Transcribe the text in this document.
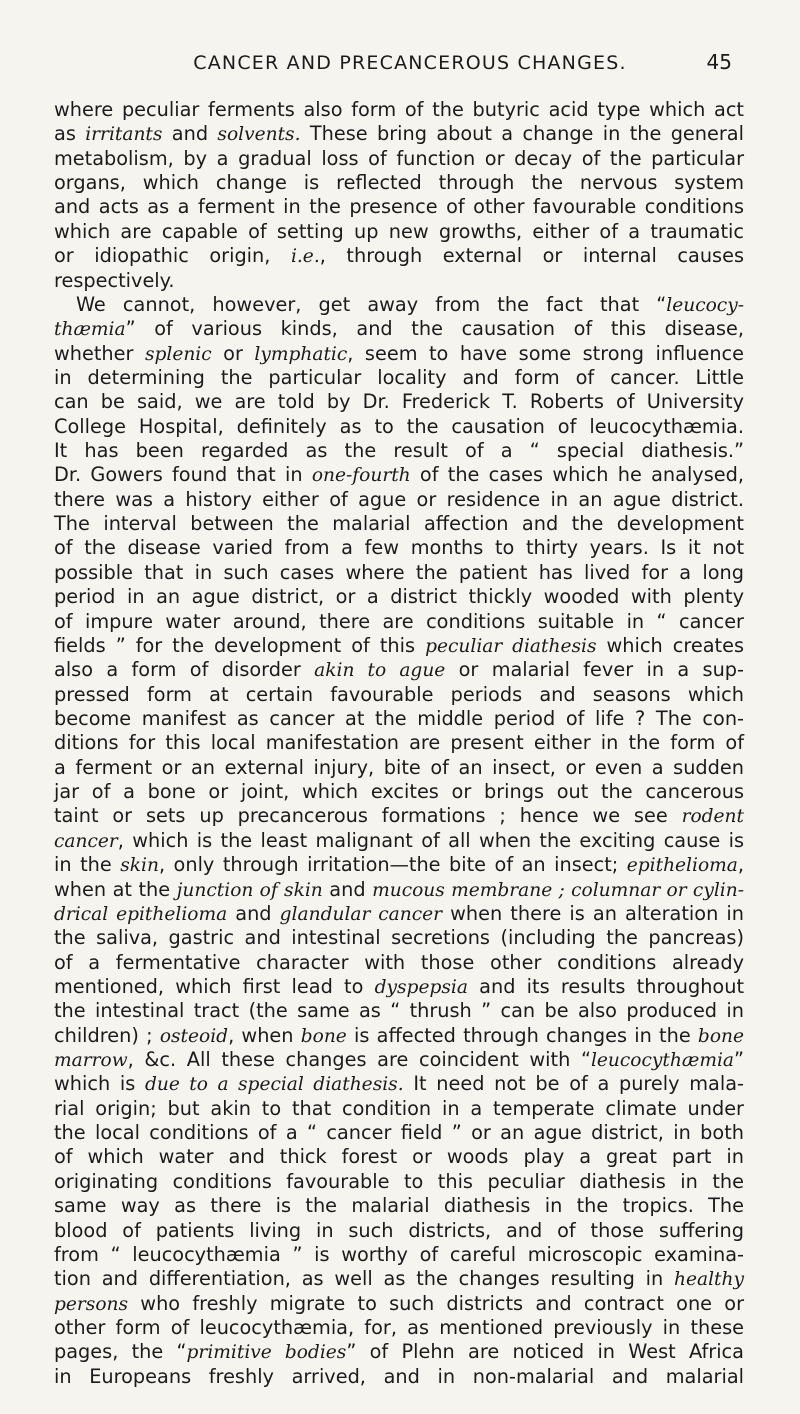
CANCER AND PRECANCEROUS CHANGES.	45
where peculiar ferments also form of the butyric acid type which act
as irritants and solvents. These bring about a change in the general
metabolism, by a gradual loss of function or decay of the particular
organs, which change is reflected through the nervous system
and acts as a ferment in the presence of other favourable conditions
which are capable of setting up new growths, either of a traumatic
or idiopathic origin, i.e., through external or internal causes
respectively.
We cannot, however, get away from the fact that “leucocy-
thæmia” of various kinds, and the causation of this disease,
whether splenic or lymphatic, seem to have some strong influence
in determining the particular locality and form of cancer. Little
can be said, we are told by Dr. Frederick T. Roberts of University
College Hospital, definitely as to the causation of leucocythæmia.
It has been regarded as the result of a “ special diathesis.”
Dr. Gowers found that in one-fourth of the cases which he analysed,
there was a history either of ague or residence in an ague district.
The interval between the malarial affection and the development
of the disease varied from a few months to thirty years. Is it not
possible that in such cases where the patient has lived for a long
period in an ague district, or a district thickly wooded with plenty
of impure water around, there are conditions suitable in “ cancer
fields ” for the development of this peculiar diathesis which creates
also a form of disorder akin to ague or malarial fever in a sup-
pressed form at certain favourable periods and seasons which
become manifest as cancer at the middle period of life ? The con-
ditions for this local manifestation are present either in the form of
a ferment or an external injury, bite of an insect, or even a sudden
jar of a bone or joint, which excites or brings out the cancerous
taint or sets up precancerous formations ; hence we see rodent
cancer, which is the least malignant of all when the exciting cause is
in the skin, only through irritation—the bite of an insect; epithelioma,
when at the junction of skin and mucous membrane ; columnar or cylin-
drical epithelioma and glandular cancer when there is an alteration in
the saliva, gastric and intestinal secretions (including the pancreas)
of a fermentative character with those other conditions already
mentioned, which first lead to dyspepsia and its results throughout
the intestinal tract (the same as “ thrush ” can be also produced in
children) ; osteoid, when bone is affected through changes in the bone
marrow, &c. All these changes are coincident with “leucocythæmia”
which is due to a special diathesis. It need not be of a purely mala-
rial origin; but akin to that condition in a temperate climate under
the local conditions of a “ cancer field ” or an ague district, in both
of which water and thick forest or woods play a great part in
originating conditions favourable to this peculiar diathesis in the
same way as there is the malarial diathesis in the tropics. The
blood of patients living in such districts, and of those suffering
from “ leucocythæmia ” is worthy of careful microscopic examina-
tion and differentiation, as well as the changes resulting in healthy
persons who freshly migrate to such districts and contract one or
other form of leucocythæmia, for, as mentioned previously in these
pages, the “primitive bodies” of Plehn are noticed in West Africa
in Europeans freshly arrived, and in non-malarial and malarial
